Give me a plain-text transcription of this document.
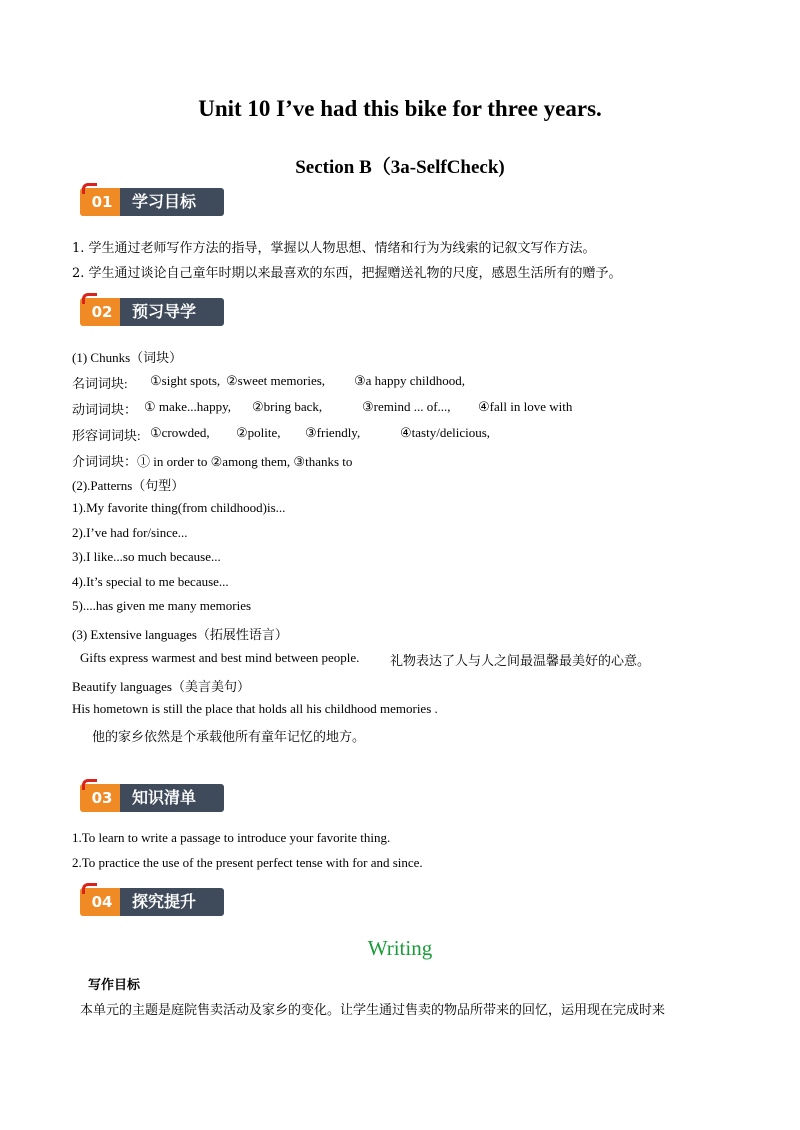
Unit 10 I’ve had this bike for three years.
Section B（3a-SelfCheck)
01	学习目标
1. 学生通过老师写作方法的指导，掌握以人物思想、情绪和行为为线索的记叙文写作方法。
2. 学生通过谈论自己童年时期以来最喜欢的东西，把握赠送礼物的尺度，感恩生活所有的赠予。
02	预习导学
(1) Chunks（词块）
名词词块: ①sight spots, ②sweet memories, ③a happy childhood,
动词词块： ① make...happy, ②bring back,	③remind ... of..., ④fall in love with
形容词词块: ①crowded, ②polite, ③friendly,	④tasty/delicious,
介词词块：① in order to ②among them, ③thanks to
(2).Patterns（句型）
1).My favorite thing(from childhood)is...
2).I’ve had for/since...
3).I like...so much because...
4).It’s special to me because...
5)....has given me many memories
(3) Extensive languages（拓展性语言）
Gifts express warmest and best mind between people. 礼物表达了人与人之间最温馨最美好的心意。
Beautify languages（美言美句）
His hometown is still the place that holds all his childhood memories .
他的家乡依然是个承载他所有童年记忆的地方。
03	知识清单
1.To learn to write a passage to introduce your favorite thing.
2.To practice the use of the present perfect tense with for and since.
04	探究提升
Writing
写作目标
本单元的主题是庭院售卖活动及家乡的变化。让学生通过售卖的物品所带来的回忆，运用现在完成时来
